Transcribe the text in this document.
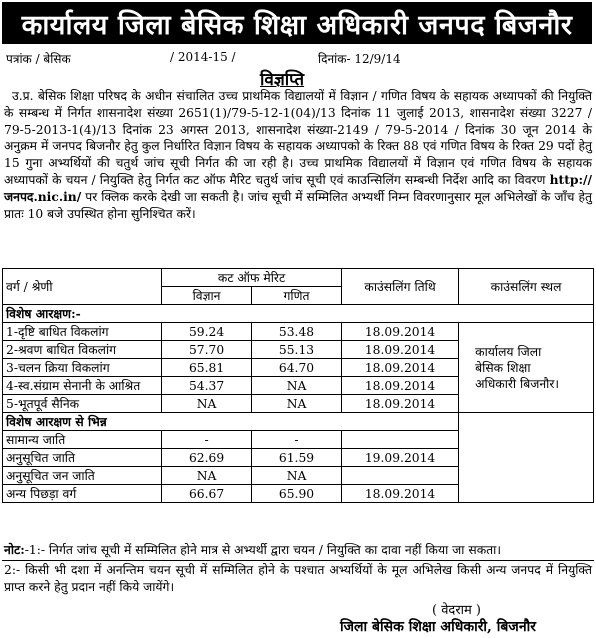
कार्यालय जिला बेसिक शिक्षा अधिकारी जनपद बिजनौर
पत्रांक / बेसिक	/ 2014-15 /	दिनांक- 12/9/14
विज्ञप्ति
उ.प्र. बेसिक शिक्षा परिषद के अधीन संचालित उच्च प्राथमिक विद्यालयों में विज्ञान / गणित विषय के सहायक अध्यापकों की नियुक्ति के सम्बन्ध में निर्गत शासनादेश संख्या 2651(1)/79-5-12-1(04)/13 दिनांक 11 जुलाई 2013, शासनादेश संख्या 3227 / 79-5-2013-1(4)/13 दिनांक 23 अगस्त 2013, शासनादेश संख्या-2149 / 79-5-2014 / दिनांक 30 जून 2014 के अनुक्रम में जनपद बिजनौर हेतु कुल निर्धारित विज्ञान विषय के सहायक अध्यापको के रिक्त 88 एवं गणित विषय के रिक्त 29 पदों हेतु 15 गुना अभ्यर्थियों की चतुर्थ जांच सूची निर्गत की जा रही है। उच्च प्राथमिक विद्यालयों में विज्ञान एवं गणित विषय के सहायक अध्यापकों के चयन / नियुक्ति हेतु निर्गत कट ऑफ मैरिट चतुर्थ जांच सूची एवं काउन्सिलिंग सम्बन्धी निर्देश आदि का विवरण http://जनपद.nic.in/ पर क्लिक करके देखी जा सकती है। जांच सूची में सम्मिलित अभ्यर्थी निम्न विवरणानुसार मूल अभिलेखों के जाँच हेतु प्रातः 10 बजे उपस्थित होना सुनिश्चित करें।
वर्ग / श्रेणी	कट ऑफ मेरिट		काउंसलिंग तिथि	काउंसलिंग स्थल
	विज्ञान	गणित		
विशेष आरक्षण:-				
1-दृष्टि बाधित विकलांग	59.24	53.48	18.09.2014	कार्यालय जिला
बेसिक शिक्षा
अधिकारी बिजनौर।
2-श्रवण बाधित विकलांग	57.70	55.13	18.09.2014	
3-चलन क्रिया विकलांग	65.81	64.70	18.09.2014	
4-स्व.संग्राम सेनानी के आश्रित	54.37	NA	18.09.2014	
5-भूतपूर्व सैनिक	NA	NA	18.09.2014	
विशेष आरक्षण से भिन्न				
सामान्य जाति	-	-		
अनुसूचित जाति	62.69	61.59	19.09.2014	
अनुसूचित जन जाति	NA	NA		
अन्य पिछड़ा वर्ग	66.67	65.90	18.09.2014	
नोट:-1:- निर्गत जांच सूची में सम्मिलित होने मात्र से अभ्यर्थी द्वारा चयन / नियुक्ति का दावा नहीं किया जा सकता।
2:- किसी भी दशा में अनन्तिम चयन सूची में सम्मिलित होने के पश्चात अभ्यर्थियों के मूल अभिलेख किसी अन्य जनपद में नियुक्ति प्राप्त करने हेतु प्रदान नहीं किये जायेंगे।
( वेदराम )
जिला बेसिक शिक्षा अधिकारी, बिजनौर
